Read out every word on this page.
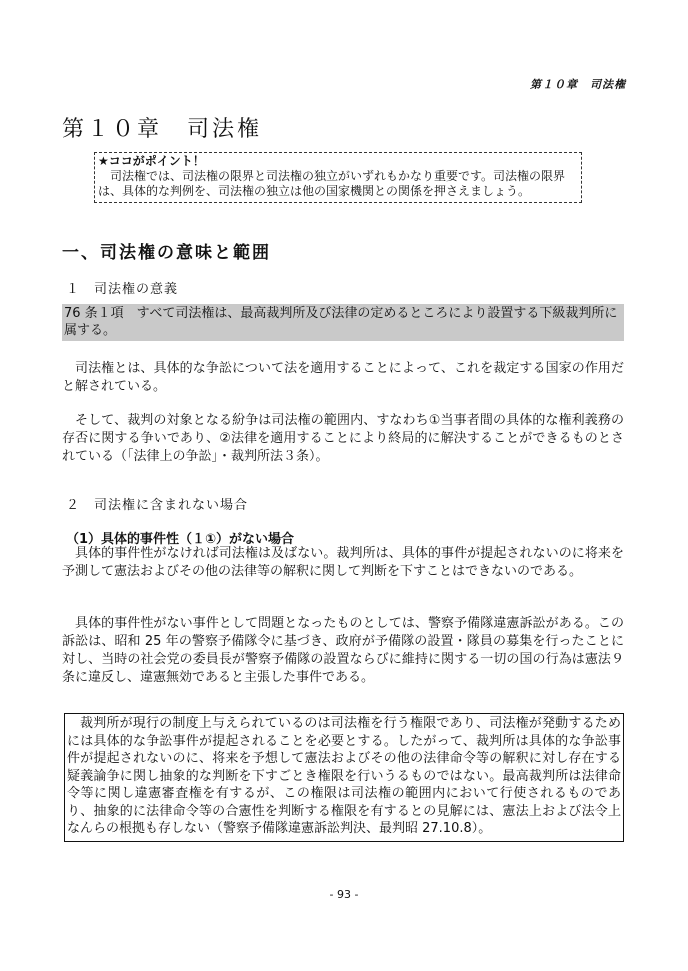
第１０章　司法権
第１０章　司法権
★ココがポイント！
司法権では、司法権の限界と司法権の独立がいずれもかなり重要です。司法権の限界は、具体的な判例を、司法権の独立は他の国家機関との関係を押さえましょう。
一、司法権の意味と範囲
１　司法権の意義
76 条１項　すべて司法権は、最高裁判所及び法律の定めるところにより設置する下級裁判所に属する。
司法権とは、具体的な争訟について法を適用することによって、これを裁定する国家の作用だと解されている。
そして、裁判の対象となる紛争は司法権の範囲内、すなわち①当事者間の具体的な権利義務の存否に関する争いであり、②法律を適用することにより終局的に解決することができるものとされている（「法律上の争訟」・裁判所法３条）。
２　司法権に含まれない場合
（1）具体的事件性（１①）がない場合
具体的事件性がなければ司法権は及ばない。裁判所は、具体的事件が提起されないのに将来を予測して憲法およびその他の法律等の解釈に関して判断を下すことはできないのである。
具体的事件性がない事件として問題となったものとしては、警察予備隊違憲訴訟がある。この訴訟は、昭和 25 年の警察予備隊令に基づき、政府が予備隊の設置・隊員の募集を行ったことに対し、当時の社会党の委員長が警察予備隊の設置ならびに維持に関する一切の国の行為は憲法９条に違反し、違憲無効であると主張した事件である。
裁判所が現行の制度上与えられているのは司法権を行う権限であり、司法権が発動するためには具体的な争訟事件が提起されることを必要とする。したがって、裁判所は具体的な争訟事件が提起されないのに、将来を予想して憲法およびその他の法律命令等の解釈に対し存在する疑義論争に関し抽象的な判断を下すごとき権限を行いうるものではない。最高裁判所は法律命令等に関し違憲審査権を有するが、この権限は司法権の範囲内において行使されるものであり、抽象的に法律命令等の合憲性を判断する権限を有するとの見解には、憲法上および法令上なんらの根拠も存しない（警察予備隊違憲訴訟判決、最判昭 27.10.8）。
- 93 -
